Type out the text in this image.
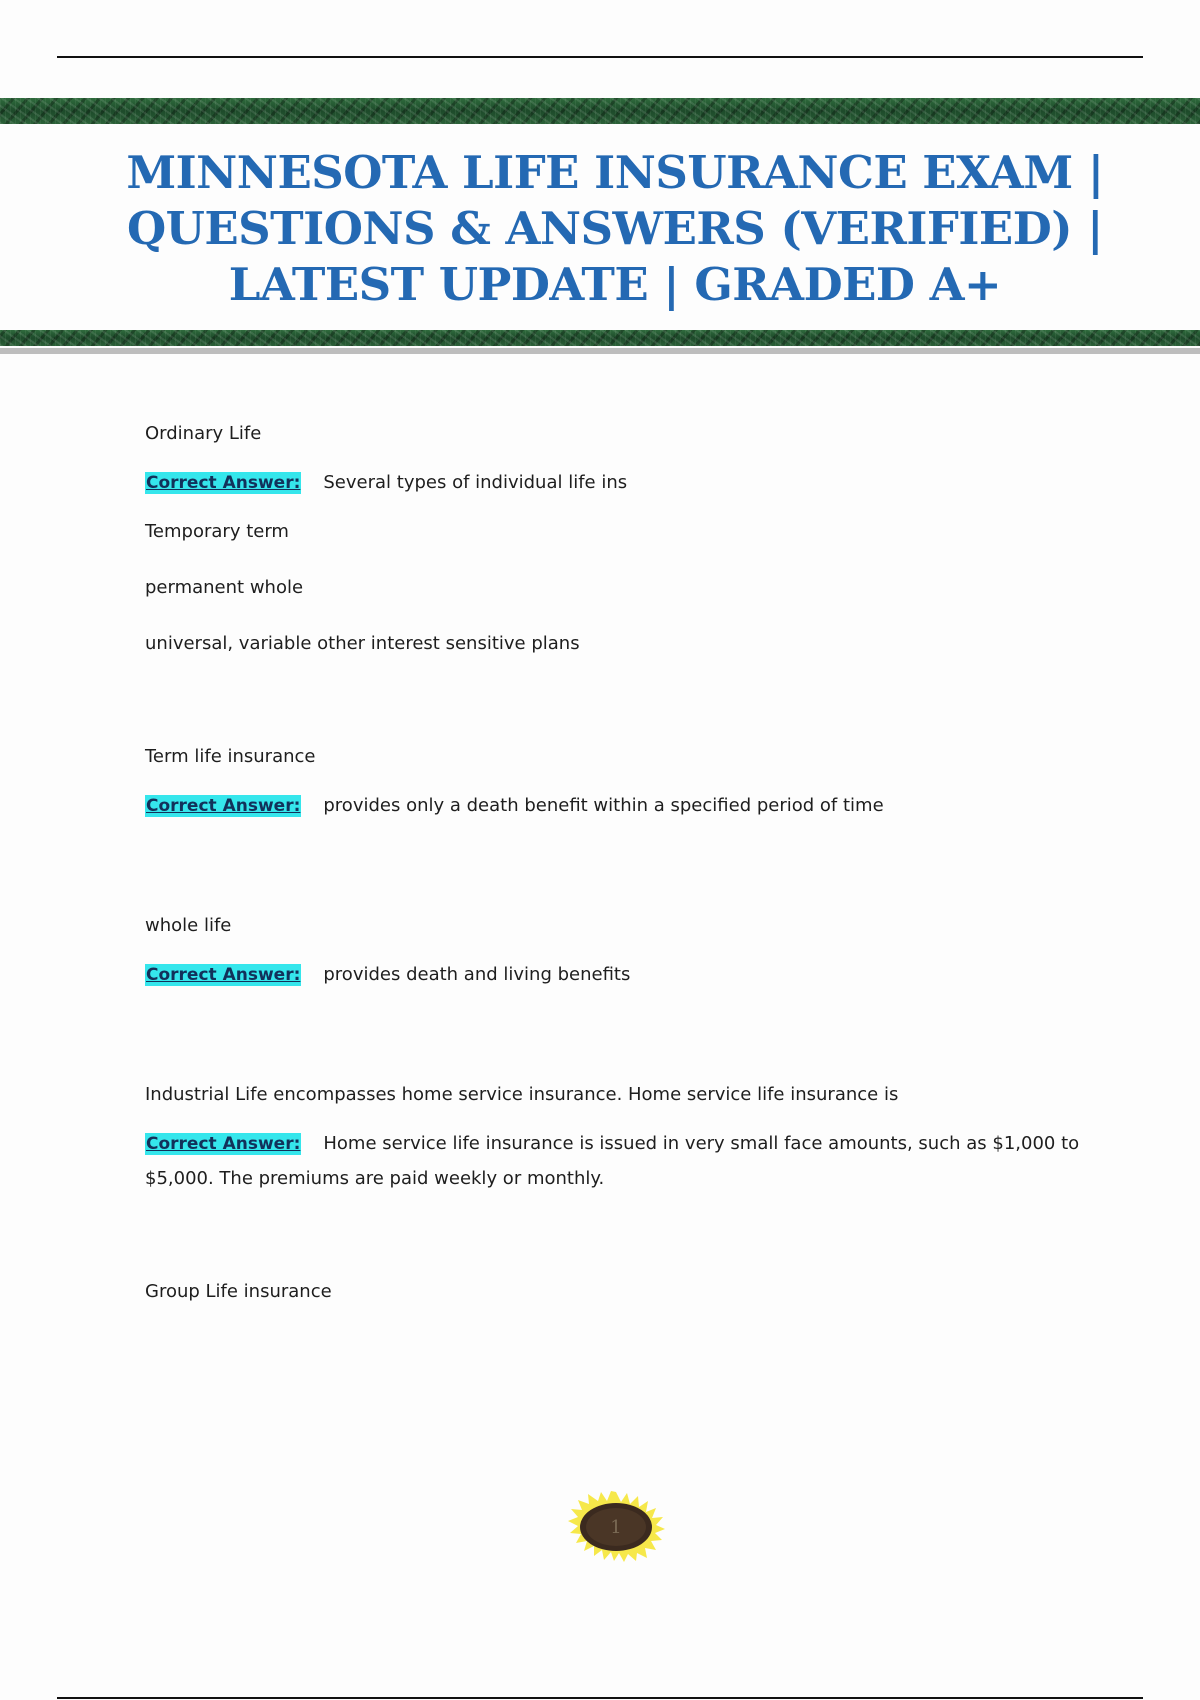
MINNESOTA LIFE INSURANCE EXAM | QUESTIONS & ANSWERS (VERIFIED) | LATEST UPDATE | GRADED A+

Ordinary Life

Correct Answer: Several types of individual life ins

Temporary term

permanent whole

universal, variable other interest sensitive plans

Term life insurance

Correct Answer: provides only a death benefit within a specified period of time

whole life

Correct Answer: provides death and living benefits

Industrial Life encompasses home service insurance. Home service life insurance is

Correct Answer: Home service life insurance is issued in very small face amounts, such as $1,000 to

$5,000. The premiums are paid weekly or monthly.

Group Life insurance

1
